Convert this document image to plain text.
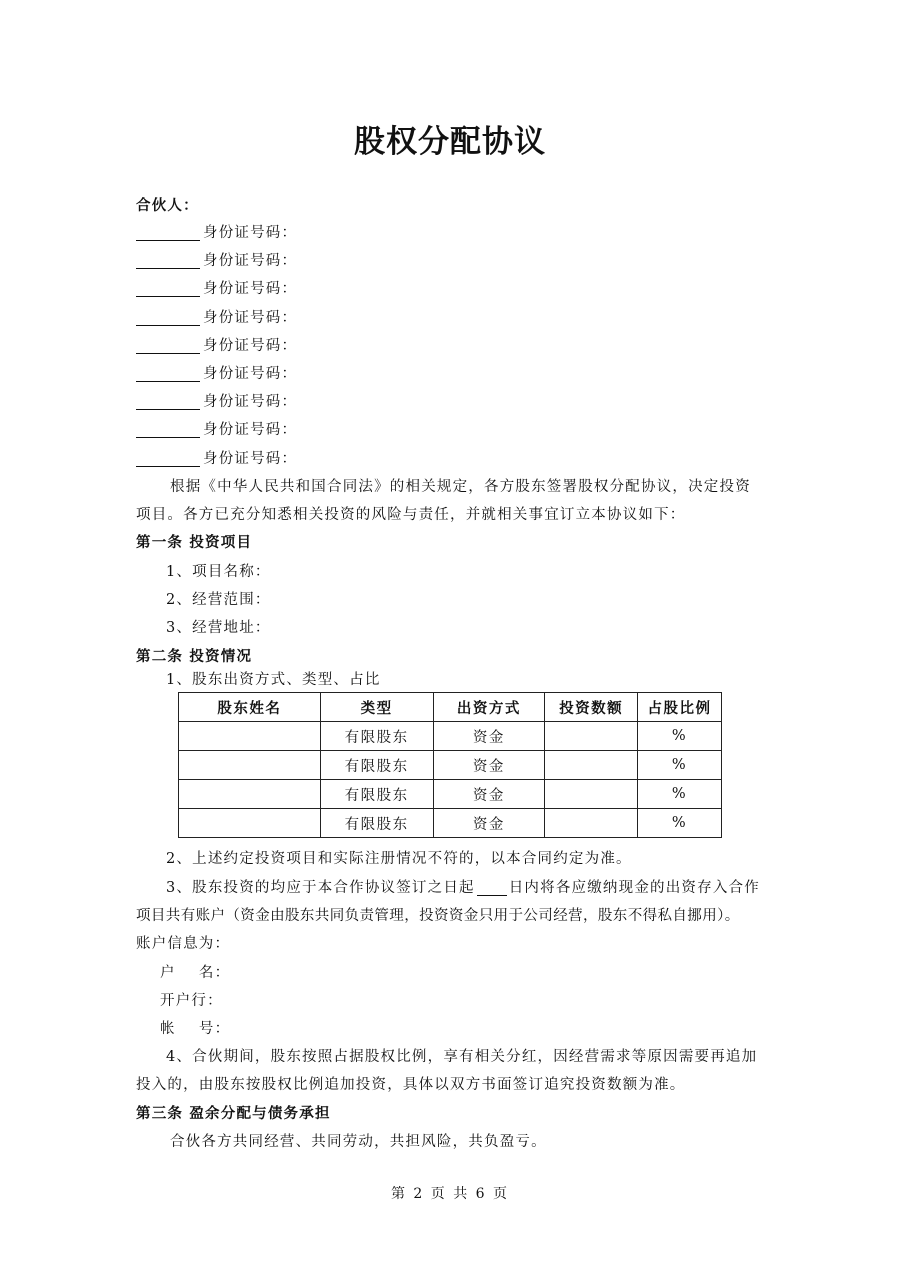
股权分配协议
合伙人：
身份证号码：
身份证号码：
身份证号码：
身份证号码：
身份证号码：
身份证号码：
身份证号码：
身份证号码：
身份证号码：
根据《中华人民共和国合同法》的相关规定，各方股东签署股权分配协议，决定投资
项目。各方已充分知悉相关投资的风险与责任，并就相关事宜订立本协议如下：
第一条 投资项目
1、项目名称：
2、经营范围：
3、经营地址：
第二条 投资情况
1、股东出资方式、类型、占比
股东姓名	类型	出资方式	投资数额	占股比例
	有限股东	资金		%
	有限股东	资金		%
	有限股东	资金		%
	有限股东	资金		%
2、上述约定投资项目和实际注册情况不符的，以本合同约定为准。
3、股东投资的均应于本合作协议签订之日起 日内将各应缴纳现金的出资存入合作
项目共有账户（资金由股东共同负责管理，投资资金只用于公司经营，股东不得私自挪用）。
账户信息为：
户    名：
开户行：
帐    号：
4、合伙期间，股东按照占据股权比例，享有相关分红，因经营需求等原因需要再追加
投入的，由股东按股权比例追加投资，具体以双方书面签订追究投资数额为准。
第三条 盈余分配与债务承担
合伙各方共同经营、共同劳动，共担风险，共负盈亏。
第 2 页 共 6 页
